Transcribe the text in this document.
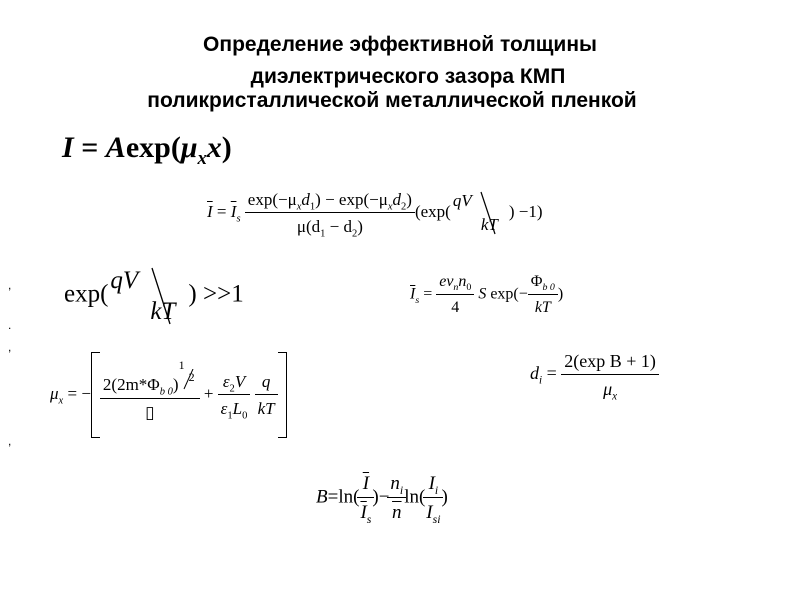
Определение эффективной толщины
диэлектрического зазора КМП
поликристаллической металлической пленкой
$I = Aexp(\mu_xx)$
$\overline{I} = \overline{I}_s \frac{\exp(-\mu_xd_1) - \exp(-\mu_xd_2)}{\mu(d_1 - d_2)} (\exp$(
qV
kT
) −1)
exp(
qV
kT
) >>1	$\overline{I}_s = \frac{e\nu_nn_0}{4}$ S $\exp(- \frac{\Phi_{b 0}}{kT}$ )
$\mu_x$ = − $2(2m*\Phi_{b 0})$
$^{1 2}$
▯ + $\frac{\varepsilon_2V}{\varepsilon_1L_0}$
$\frac{q}{kT}$	$d_i = \frac{\text{2(exp B + 1)}}{\mu_x}$
B=ln(
$\frac{\overline{I}}{\overline{I}_s}$
)−
$\frac{n_i}{n}$
ln(
$\frac{I_i}{I_{si}}$
)
,
.
,
,
